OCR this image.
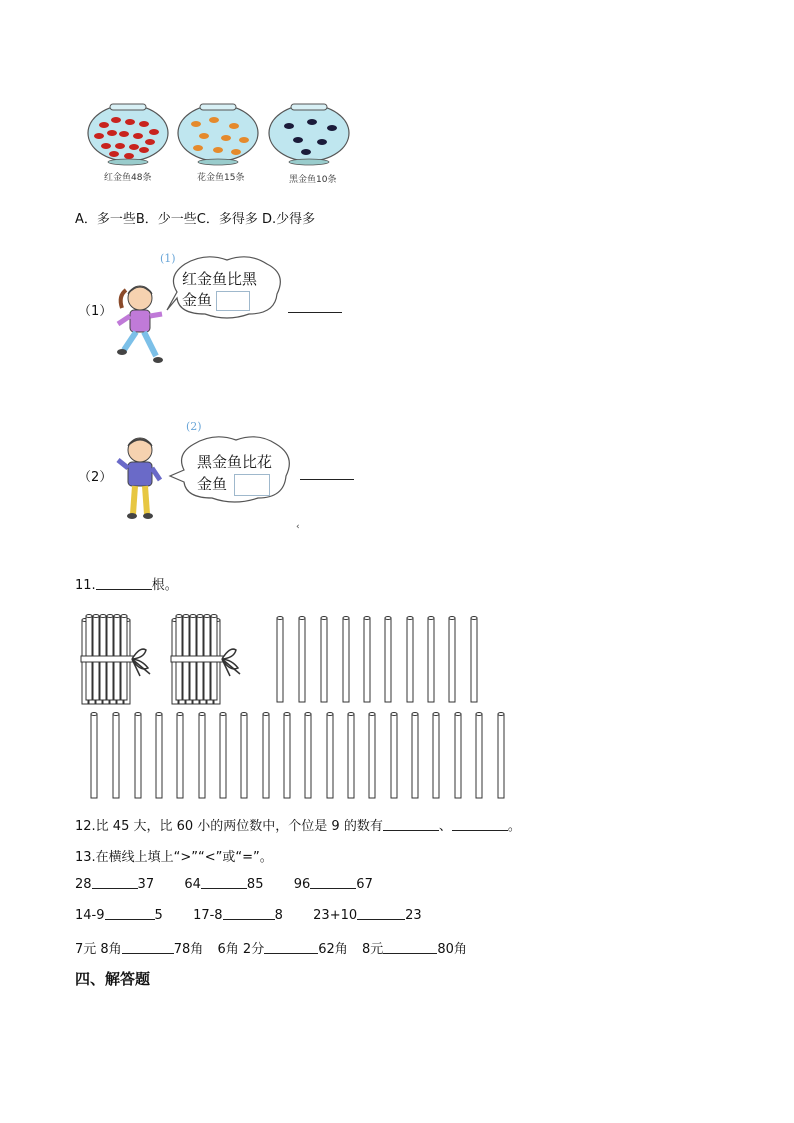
红金鱼48条	花金鱼15条	黑金鱼10条
A．多一些B．少一些C．多得多 D.少得多
（1）
(1)
红金鱼比黑
金鱼
（2）
(2)
黑金鱼比花
金鱼
‹
11.	根。
12.比 45 大，比 60 小的两位数中，个位是 9 的数有	、	。
13.在横线上填上“>”“<”或“=”。
28	37 64	85 96	67
14-9	5 17-8	8 23+10	23
7元 8角	78角 6角 2分	62角 8元	80角
四、解答题
